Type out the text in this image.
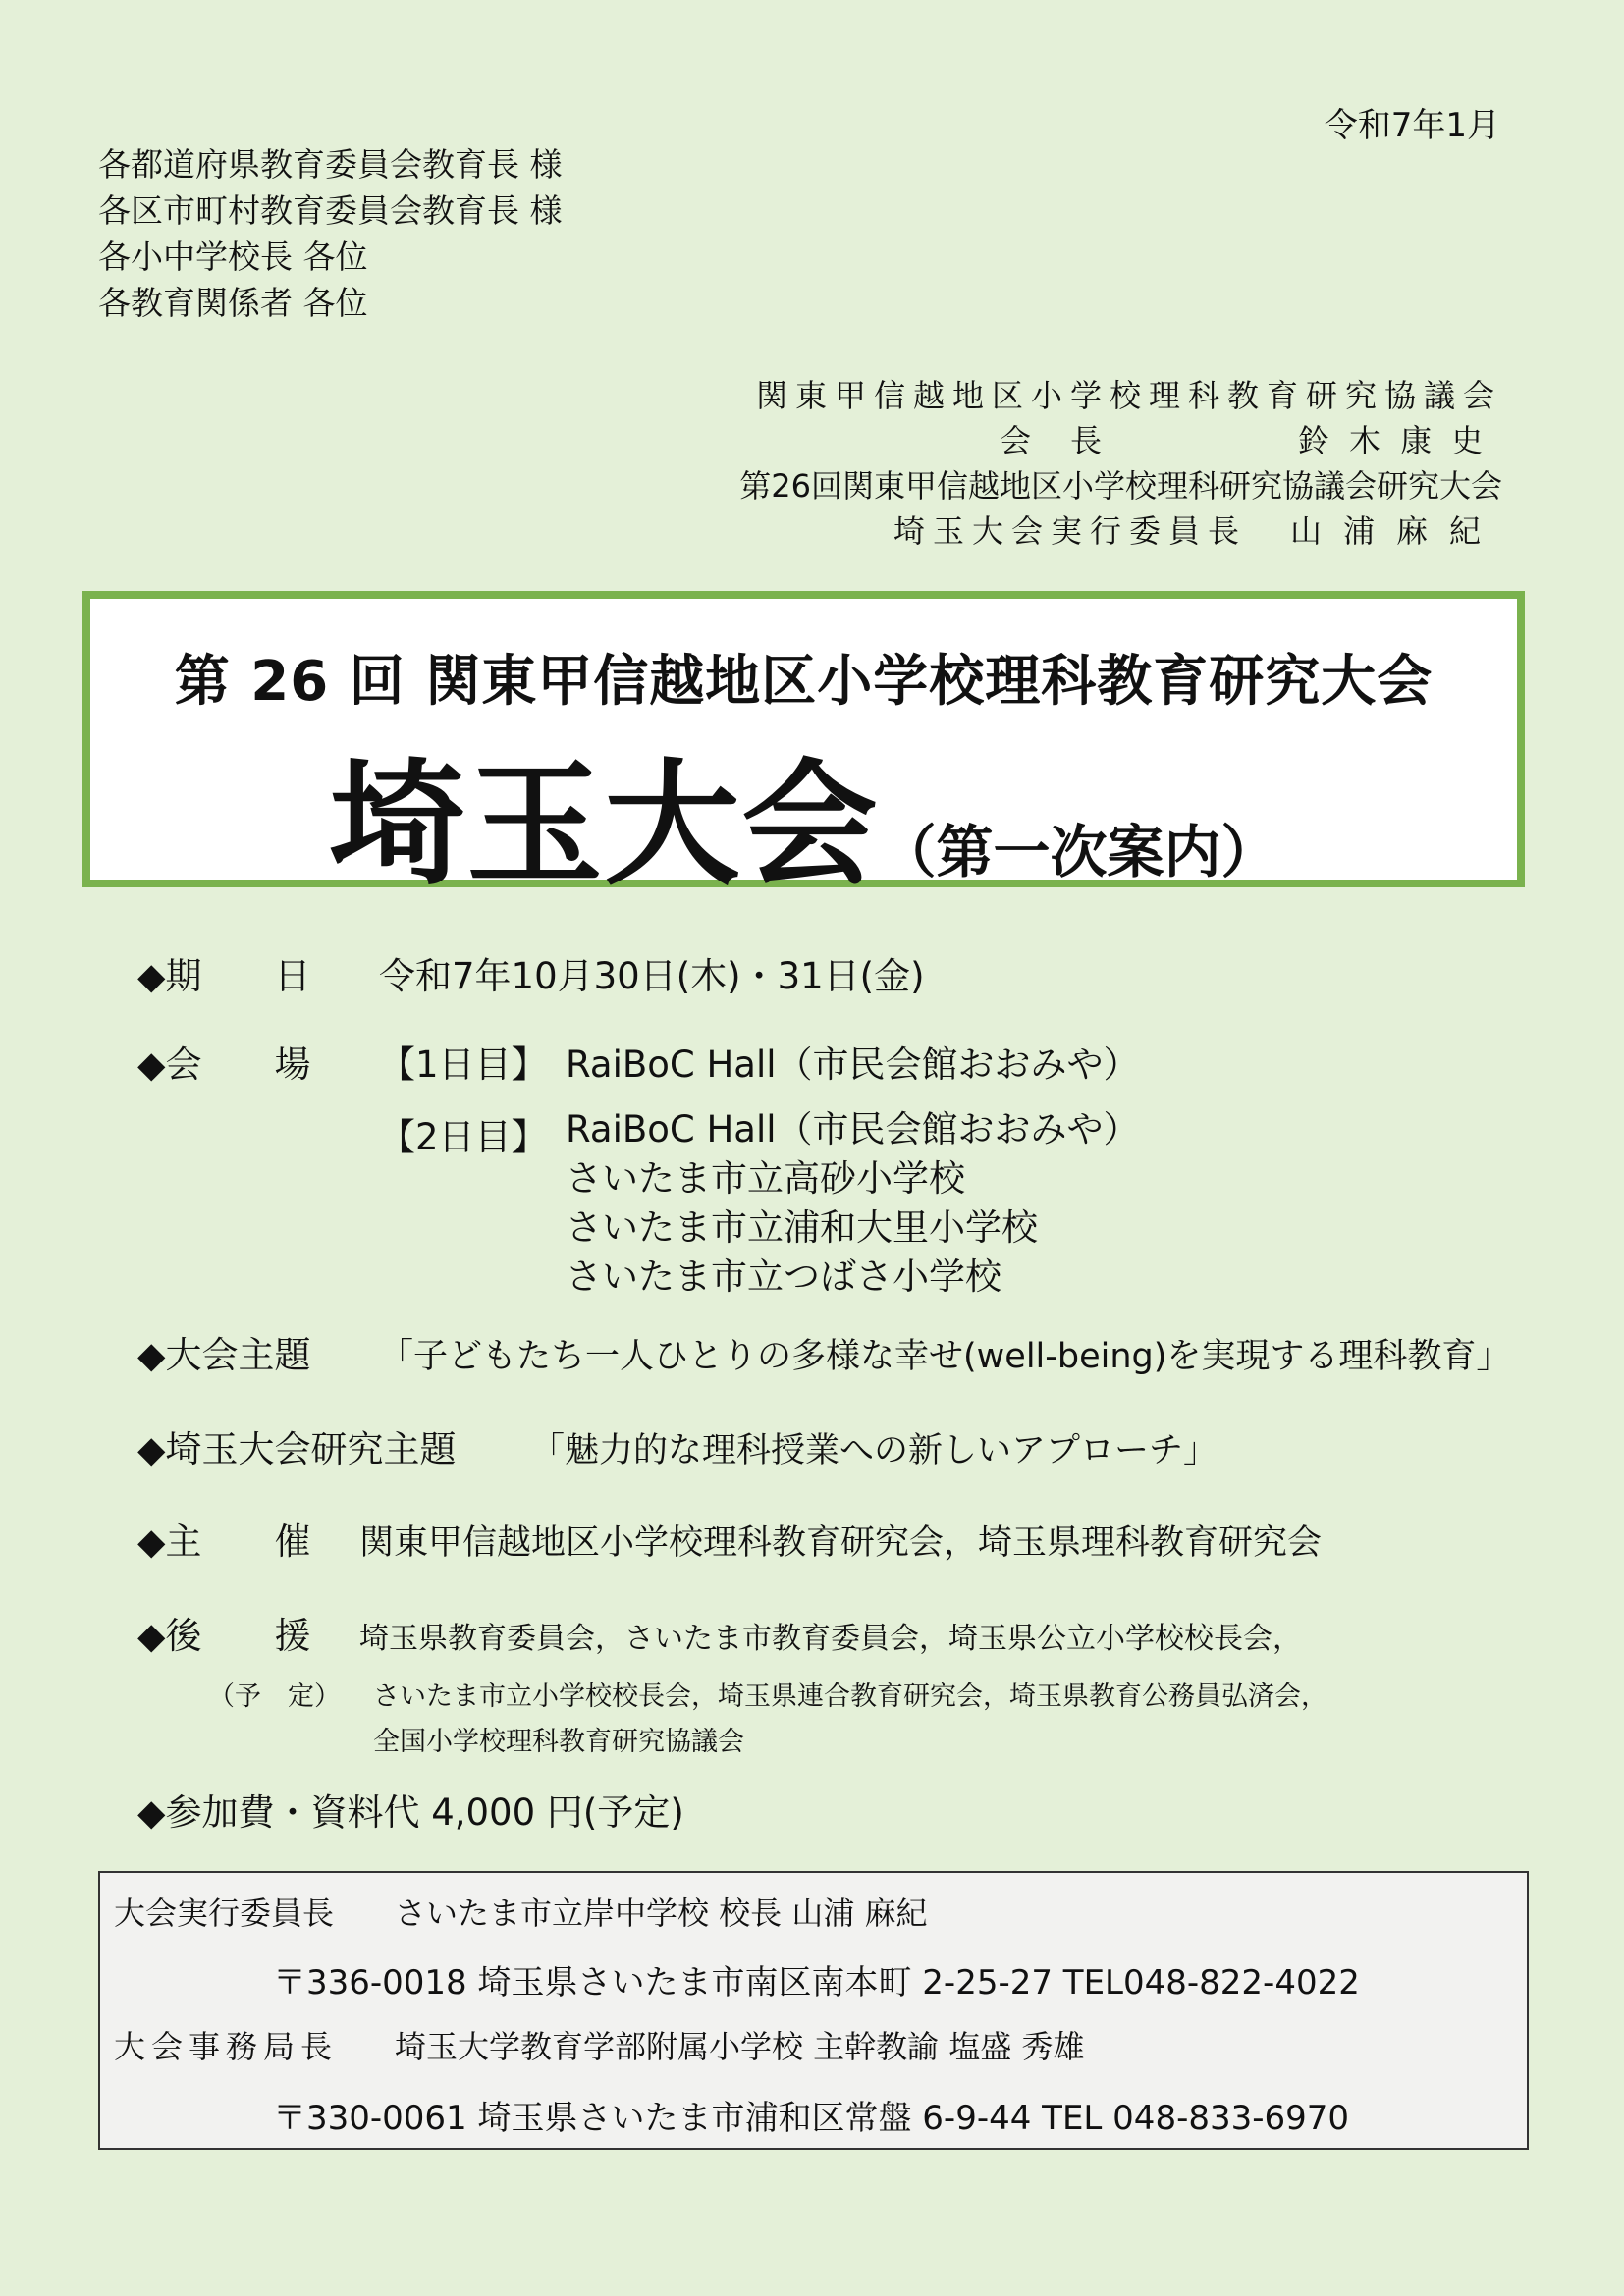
令和7年1月
各都道府県教育委員会教育長 様
各区市町村教育委員会教育長 様
各小中学校長 各位
各教育関係者 各位
関東甲信越地区小学校理科教育研究協議会
会長	鈴木康史
第26回関東甲信越地区小学校理科研究協議会研究大会
埼玉大会実行委員長	山浦麻紀
第 26 回 関東甲信越地区小学校理科教育研究大会
埼玉大会（第一次案内）
◆期　　日 令和7年10月30日(木)・31日(金)
◆会　　場 【1日目】 RaiBoC Hall（市民会館おおみや）
【2日目】 RaiBoC Hall（市民会館おおみや）
さいたま市立高砂小学校
さいたま市立浦和大里小学校
さいたま市立つばさ小学校
◆大会主題 「子どもたち一人ひとりの多様な幸せ(well-being)を実現する理科教育」
◆埼玉大会研究主題 「魅力的な理科授業への新しいアプローチ」
◆主　　催 関東甲信越地区小学校理科教育研究会，埼玉県理科教育研究会
◆後　　援 埼玉県教育委員会，さいたま市教育委員会，埼玉県公立小学校校長会，
（予　定） さいたま市立小学校校長会，埼玉県連合教育研究会，埼玉県教育公務員弘済会，
全国小学校理科教育研究協議会
◆参加費・資料代 4,000 円(予定)
大会実行委員長 さいたま市立岸中学校 校長 山浦 麻紀
〒336-0018 埼玉県さいたま市南区南本町 2-25-27 TEL048-822-4022
大会事務局長 埼玉大学教育学部附属小学校 主幹教諭 塩盛 秀雄
〒330-0061 埼玉県さいたま市浦和区常盤 6-9-44 TEL 048-833-6970
